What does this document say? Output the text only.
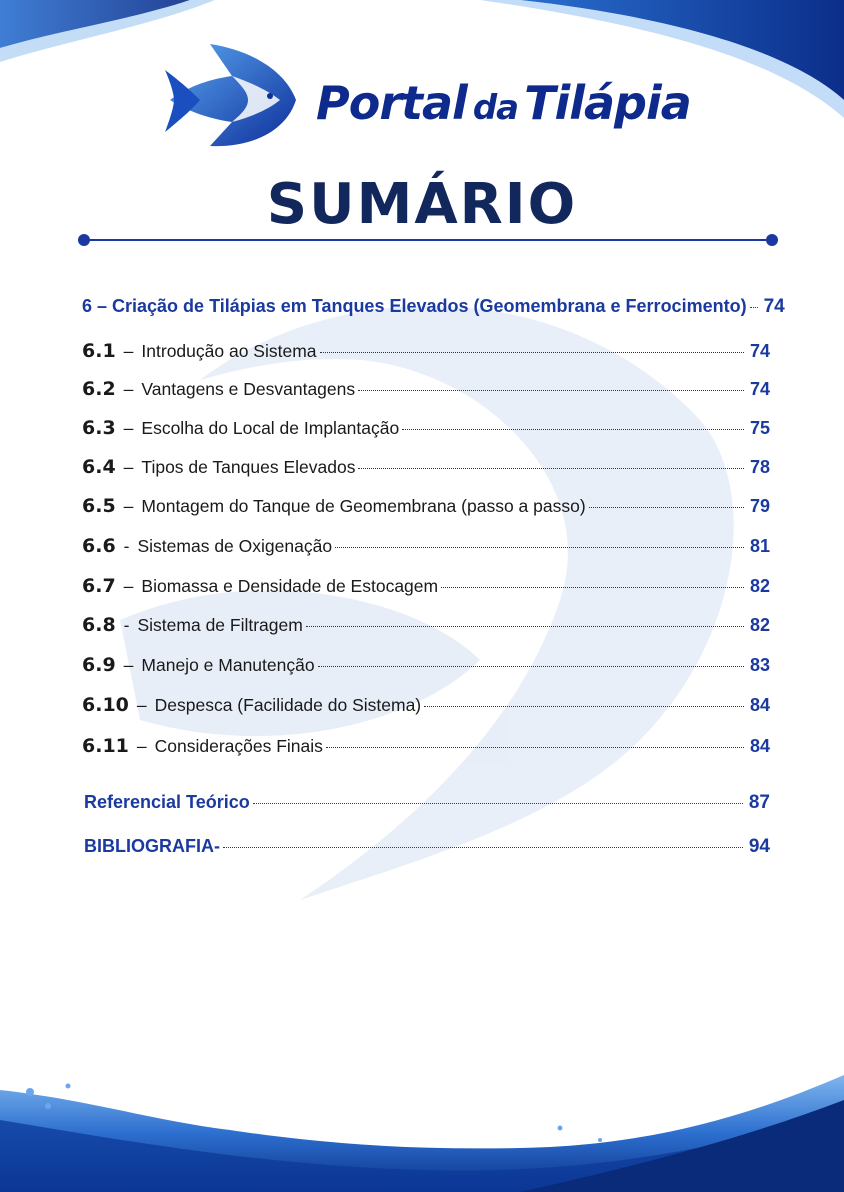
Portal da Tilápia
SUMÁRIO
6 – Criação de Tilápias em Tanques Elevados (Geomembrana e Ferrocimento) 74
6.1 – Introdução ao Sistema	74
6.2 – Vantagens e Desvantagens	74
6.3 – Escolha do Local de Implantação	75
6.4 – Tipos de Tanques Elevados	78
6.5 – Montagem do Tanque de Geomembrana (passo a passo)	79
6.6 - Sistemas de Oxigenação	81
6.7 – Biomassa e Densidade de Estocagem	82
6.8 - Sistema de Filtragem	82
6.9 – Manejo e Manutenção	83
6.10 – Despesca (Facilidade do Sistema)	84
6.11 – Considerações Finais	84
Referencial Teórico	87
BIBLIOGRAFIA-	94
